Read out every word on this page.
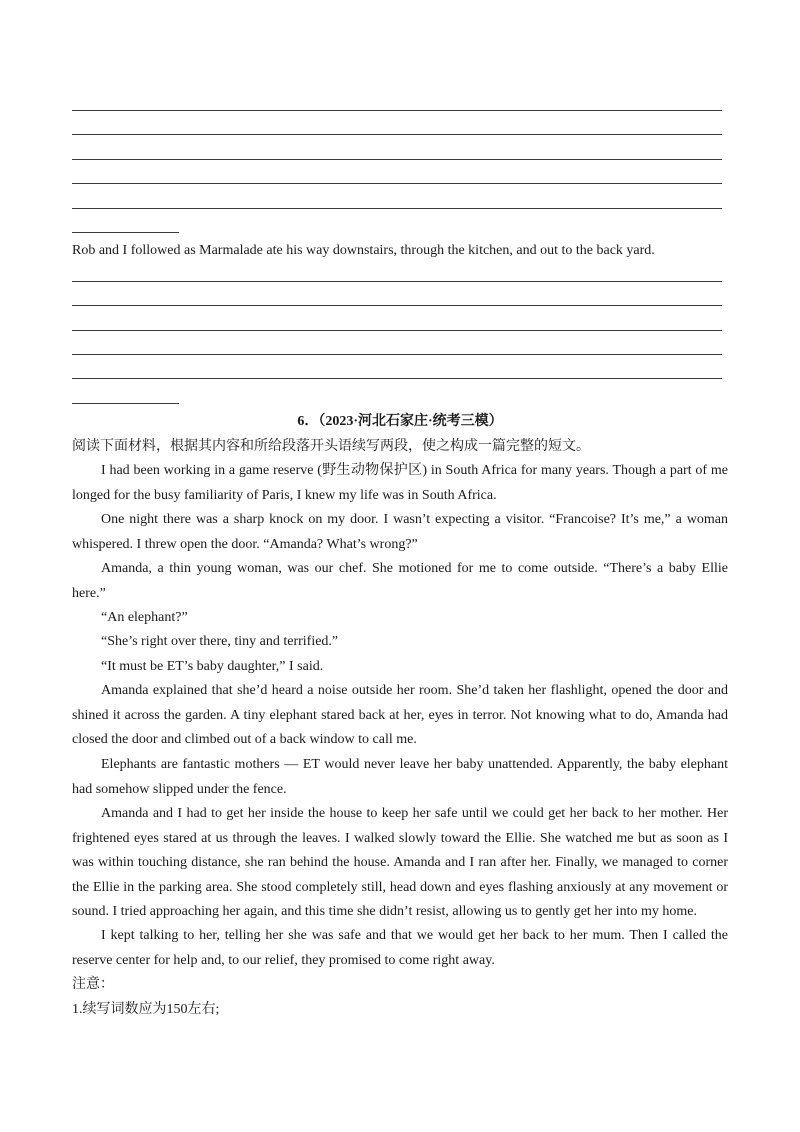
Rob and I followed as Marmalade ate his way downstairs, through the kitchen, and out to the back yard.

6．（2023·河北石家庄·统考三模）

阅读下面材料，根据其内容和所给段落开头语续写两段，使之构成一篇完整的短文。

I had been working in a game reserve (野生动物保护区) in South Africa for many years. Though a part of me longed for the busy familiarity of Paris, I knew my life was in South Africa.

One night there was a sharp knock on my door. I wasn’t expecting a visitor. “Francoise? It’s me,” a woman whispered. I threw open the door. “Amanda? What’s wrong?”

Amanda, a thin young woman, was our chef. She motioned for me to come outside. “There’s a baby Ellie here.”

“An elephant?”

“She’s right over there, tiny and terrified.”

“It must be ET’s baby daughter,” I said.

Amanda explained that she’d heard a noise outside her room. She’d taken her flashlight, opened the door and shined it across the garden. A tiny elephant stared back at her, eyes in terror. Not knowing what to do, Amanda had closed the door and climbed out of a back window to call me.

Elephants are fantastic mothers — ET would never leave her baby unattended. Apparently, the baby elephant had somehow slipped under the fence.

Amanda and I had to get her inside the house to keep her safe until we could get her back to her mother. Her frightened eyes stared at us through the leaves. I walked slowly toward the Ellie. She watched me but as soon as I was within touching distance, she ran behind the house. Amanda and I ran after her. Finally, we managed to corner the Ellie in the parking area. She stood completely still, head down and eyes flashing anxiously at any movement or sound. I tried approaching her again, and this time she didn’t resist, allowing us to gently get her into my home.

I kept talking to her, telling her she was safe and that we would get her back to her mum. Then I called the reserve center for help and, to our relief, they promised to come right away.

注意：

1.续写词数应为150左右;
